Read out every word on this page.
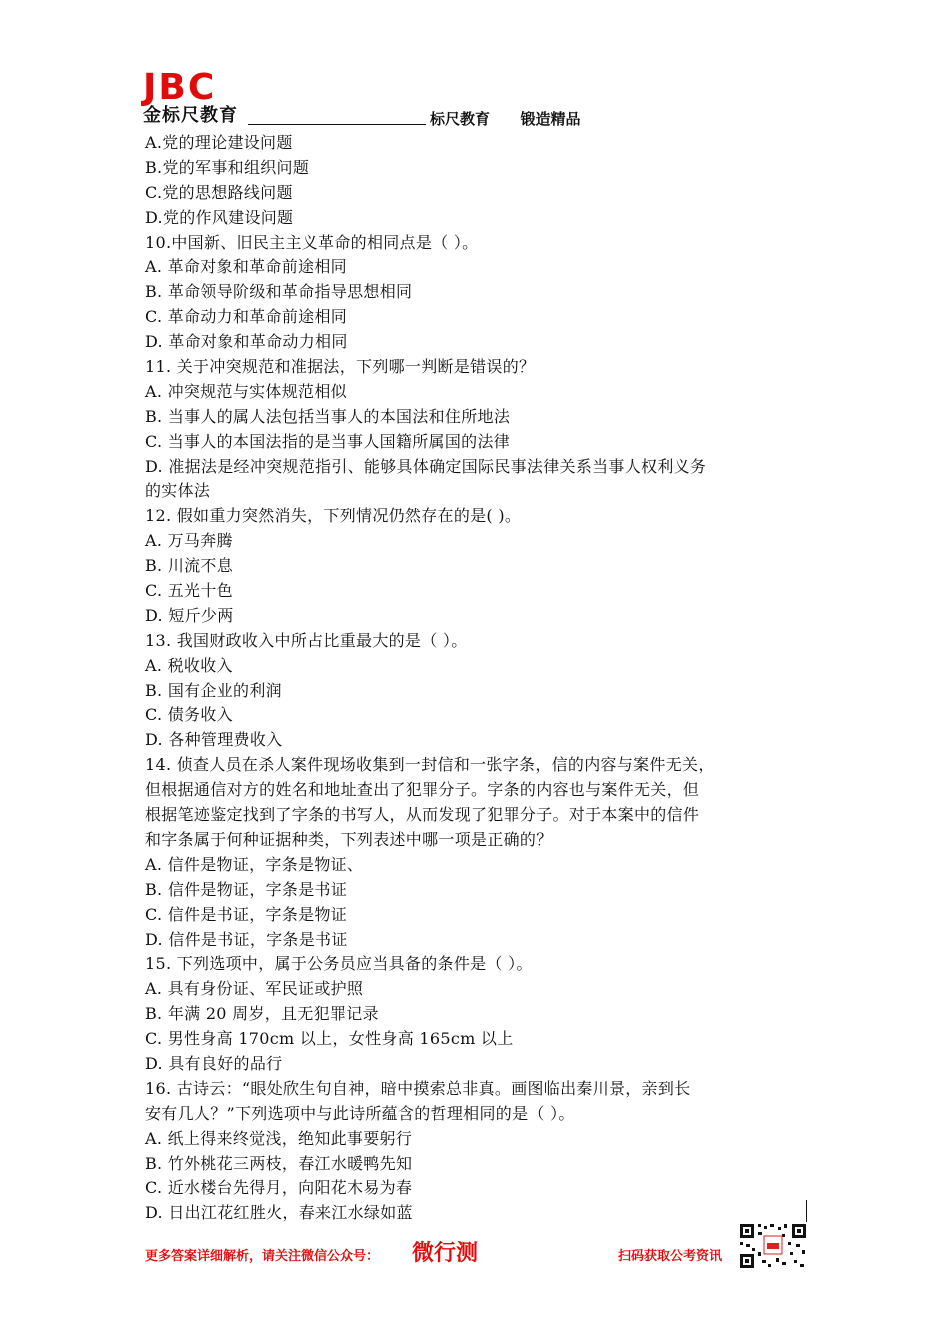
JBC
金标尺教育	标尺教育  锻造精品
A.党的理论建设问题
B.党的军事和组织问题
C.党的思想路线问题
D.党的作风建设问题
10.中国新、旧民主主义革命的相同点是（ ）。
A. 革命对象和革命前途相同
B. 革命领导阶级和革命指导思想相同
C. 革命动力和革命前途相同
D. 革命对象和革命动力相同
11. 关于冲突规范和准据法，下列哪一判断是错误的？
A. 冲突规范与实体规范相似
B. 当事人的属人法包括当事人的本国法和住所地法
C. 当事人的本国法指的是当事人国籍所属国的法律
D. 准据法是经冲突规范指引、能够具体确定国际民事法律关系当事人权利义务
的实体法
12. 假如重力突然消失，下列情况仍然存在的是( )。
A. 万马奔腾
B. 川流不息
C. 五光十色
D. 短斤少两
13. 我国财政收入中所占比重最大的是（ ）。
A. 税收收入
B. 国有企业的利润
C. 债务收入
D. 各种管理费收入
14. 侦查人员在杀人案件现场收集到一封信和一张字条，信的内容与案件无关，
但根据通信对方的姓名和地址查出了犯罪分子。字条的内容也与案件无关，但
根据笔迹鉴定找到了字条的书写人，从而发现了犯罪分子。对于本案中的信件
和字条属于何种证据种类，下列表述中哪一项是正确的？
A. 信件是物证，字条是物证、
B. 信件是物证，字条是书证
C. 信件是书证，字条是物证
D. 信件是书证，字条是书证
15. 下列选项中，属于公务员应当具备的条件是（ ）。
A. 具有身份证、军民证或护照
B. 年满 20 周岁，且无犯罪记录
C. 男性身高 170cm 以上，女性身高 165cm 以上
D. 具有良好的品行
16. 古诗云：“眼处欣生句自神，暗中摸索总非真。画图临出秦川景，亲到长
安有几人？”下列选项中与此诗所蕴含的哲理相同的是（ ）。
A. 纸上得来终觉浅，绝知此事要躬行
B. 竹外桃花三两枝，春江水暖鸭先知
C. 近水楼台先得月，向阳花木易为春
D. 日出江花红胜火，春来江水绿如蓝
更多答案详细解析，请关注微信公众号： 微行测	扫码获取公考资讯
